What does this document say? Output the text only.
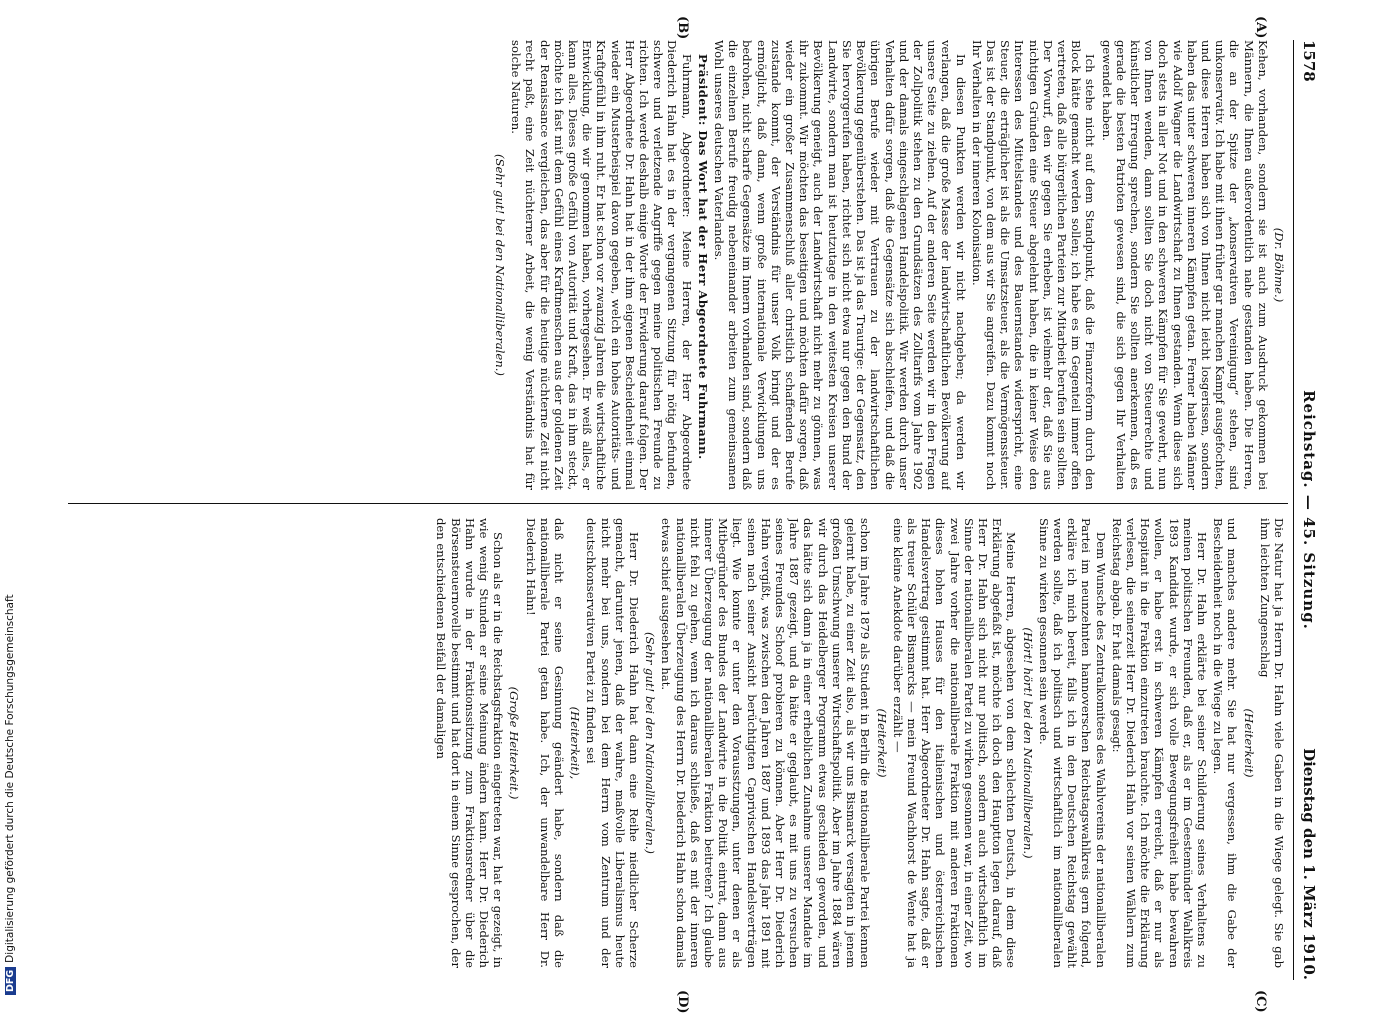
1578
Reichstag. — 45. Sitzung.
Dienstag den 1. März 1910.
(A)
(B)
(C)
(D)

(Dr. Böhme.)

Kehen, vorhanden, sondern sie ist auch zum Ausdruck gekommen bei Männern, die Ihnen außerordentlich nahe gestanden haben. Die Herren, die an der Spitze der „konservativen Vereinigung“ stehen, sind unkonservativ. Ich habe mit ihnen früher gar manchen Kampf ausgefochten, und diese Herren haben sich von Ihnen nicht leicht losgerissen, sondern haben das unter schweren inneren Kämpfen getan. Ferner haben Männer wie Adolf Wagner die Landwirtschaft zu Ihnen gestanden. Wenn diese sich doch stets in aller Not und in den schweren Kämpfen für Sie gewehrt, nun von Ihnen wenden, dann sollten Sie doch nicht von Steuerrechte und künstlicher Erregung sprechen, sondern Sie sollten anerkennen, daß es gerade die besten Patrioten gewesen sind, die sich gegen Ihr Verhalten gewendet haben.

Ich stehe nicht auf dem Standpunkt, daß die Finanzreform durch den Block hätte gemacht werden sollen; ich habe es im Gegenteil immer offen vertreten, daß alle bürgerlichen Parteien zur Mitarbeit berufen sein sollten. Der Vorwurf, den wir gegen Sie erheben, ist vielmehr der, daß Sie aus nichtigen Gründen eine Steuer abgelehnt haben, die in keiner Weise den Interessen des Mittelstandes und des Bauernstandes widerspricht, eine Steuer, die erträglicher ist als die Umsatzsteuer, als die Vermögenssteuer. Das ist der Standpunkt, von dem aus wir Sie angreifen. Dazu kommt noch Ihr Verhalten in der inneren Kolonisation.

In diesen Punkten werden wir nicht nachgeben; da werden wir verlangen, daß die große Masse der landwirtschaftlichen Bevölkerung auf unsere Seite zu ziehen. Auf der anderen Seite werden wir in den Fragen der Zollpolitik stehen zu den Grundsätzen des Zolltarifs vom Jahre 1902 und der damals eingeschlagenen Handelspolitik. Wir werden durch unser Verhalten dafür sorgen, daß die Gegensätze sich abschleifen, und daß die übrigen Berufe wieder mit Vertrauen zu der landwirtschaftlichen Bevölkerung gegenüberstehen. Das ist ja das Traurige: der Gegensatz, den Sie hervorgerufen haben, richtet sich nicht etwa nur gegen den Bund der Landwirte, sondern man ist heutzutage in den weitesten Kreisen unserer Bevölkerung geneigt, auch der Landwirtschaft nicht mehr zu gönnen, was ihr zukommt. Wir möchten das beseitigen und möchten dafür sorgen, daß wieder ein großer Zusammenschluß aller christlich schaffenden Berufe zustande kommt, der Verständnis für unser Volk bringt und der es ermöglicht, daß dann, wenn große internationale Verwicklungen uns bedrohen, nicht scharfe Gegensätze im Innern vorhanden sind, sondern daß die einzelnen Berufe freudig nebeneinander arbeiten zum gemeinsamen Wohl unseres deutschen Vaterlandes.

Präsident: Das Wort hat der Herr Abgeordnete Fuhrmann.

Fuhrmann, Abgeordneter: Meine Herren, der Herr Abgeordnete Diederich Hahn hat es in der vergangenen Sitzung für nötig befunden, schwere und verletzende Angriffe gegen meine politischen Freunde zu richten. Ich werde deshalb einige Worte der Erwiderung darauf folgen. Der Herr Abgeordnete Dr. Hahn hat in der ihm eigenen Bescheidenheit einmal wieder ein Musterbeispiel davon gegeben, welch ein hohes Autoritäts- und Kraftgefühl in ihm ruht. Er hat schon vor zwanzig Jahren die wirtschaftliche Entwicklung, die wir genommen haben, vorhergesehen. Er weiß alles, er kann alles. Dieses große Gefühl von Autorität und Kraft, das in ihm steckt, möchte ich fast mit dem Gefühl eines Kraftmenschen aus der goldenen Zeit der Renaissance vergleichen, das aber für die heutige nüchterne Zeit nicht recht paßt, eine Zeit nüchterner Arbeit, die wenig Verständnis hat für solche Naturen.

(Sehr gut! bei den Nationalliberalen.)

Die Natur hat ja Herrn Dr. Hahn viele Gaben in die Wiege gelegt. Sie gab ihm leichten Zungenschlag

(Heiterkeit)

und manches andere mehr. Sie hat nur vergessen, ihm die Gabe der Bescheidenheit noch in die Wiege zu legen.

Herr Dr. Hahn erklärte bei seiner Schilderung seines Verhaltens zu meinen politischen Freunden, daß er, als er im Geestemünder Wahlkreis 1893 Kandidat wurde, er sich volle Bewegungsfreiheit habe bewahren wollen, er habe erst in schweren Kämpfen erreicht, daß er nur als Hospitant in die Fraktion einzutreten brauchte. Ich möchte die Erklärung verlesen, die seinerzeit Herr Dr. Diederich Hahn vor seinen Wählern zum Reichstag abgab. Er hat damals gesagt:

Dem Wunsche des Zentralkomitees des Wahlvereins der nationalliberalen Partei im neunzehnten hannoverschen Reichstagswahlkreis gern folgend, erkläre ich mich bereit, falls ich in den Deutschen Reichstag gewählt werden sollte, daß ich politisch und wirtschaftlich im nationalliberalen Sinne zu wirken gesonnen sein werde.

(Hört! hört! bei den Nationalliberalen.)

Meine Herren, abgesehen von dem schlechten Deutsch, in dem diese Erklärung abgefaßt ist, möchte ich doch den Hauptton legen darauf, daß Herr Dr. Hahn sich nicht nur politisch, sondern auch wirtschaftlich im Sinne der nationalliberalen Partei zu wirken gesonnen war, in einer Zeit, wo zwei Jahre vorher die nationalliberale Fraktion mit anderen Fraktionen dieses hohen Hauses für den italienischen und österreichischen Handelsvertrag gestimmt hat. Herr Abgeordneter Dr. Hahn sagte, daß er als treuer Schüler Bismarcks — mein Freund Wachhorst de Wente hat ja eine kleine Anekdote darüber erzählt —

(Heiterkeit)

schon im Jahre 1879 als Student in Berlin die nationalliberale Partei kennen gelernt habe, zu einer Zeit also, als wir uns Bismarck versagten in jenem großen Umschwung unserer Wirtschaftspolitik. Aber im Jahre 1884 wären wir durch das Heidelberger Programm etwas geschieden geworden, und das hätte sich dann ja in einer erheblichen Zunahme unserer Mandate im Jahre 1887 gezeigt, und da hätte er geglaubt, es mit uns zu versuchen seines Freundes Schoof probieren zu können. Aber Herr Dr. Diederich Hahn vergißt, was zwischen den Jahren 1887 und 1893 das Jahr 1891 mit seinen nach seiner Ansicht berüchtigten Caprivischen Handelsverträgen liegt. Wie konnte er unter den Vorausstzungen, unter denen er als Mitbegründer des Bundes der Landwirte in die Politik eintrat, dann aus innerer Überzeugung der nationalliberalen Fraktion beitreten? Ich glaube nicht fehl zu gehen, wenn ich daraus schließe, daß es mit der inneren nationalliberalen Überzeugung des Herrn Dr. Diederich Hahn schon damals etwas schief ausgesehen hat.

(Sehr gut! bei den Nationalliberalen.)

Herr Dr. Diederich Hahn hat dann eine Reihe niedlicher Scherze gemacht, darunter jenen, daß der wahre, maßvolle Liberalismus heute nicht mehr bei uns, sondern bei dem Herrn vom Zentrum und der deutschkonservativen Partei zu finden sei

(Heiterkeit),

daß nicht er seine Gesinnung geändert habe, sondern daß die nationalliberale Partei getan habe. Ich, der unwandelbare Herr Dr. Diederich Hahn!

(Große Heiterkeit.)

Schon als er in die Reichstagsfraktion eingetreten war, hat er gezeigt, in wie wenig Stunden er seine Meinung ändern kann. Herr Dr. Diederich Hahn wurde in der Fraktionssitzung zum Fraktionsredner über die Börsensteuernovelle bestimmt und hat dort in einem Sinne gesprochen, der den entschiedenen Beifall der damaligen

DFGDigitalisierung gefördert durch die Deutsche Forschungsgemeinschaft
